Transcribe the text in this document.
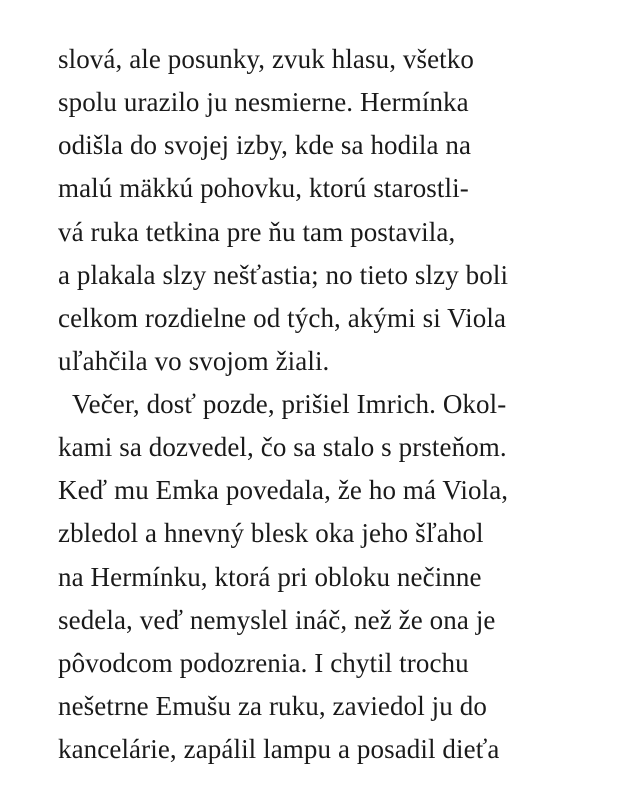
slová, ale posunky, zvuk hlasu, všetko
spolu urazilo ju nesmierne. Hermínka
odišla do svojej izby, kde sa hodila na
malú mäkkú pohovku, ktorú starostli-
vá ruka tetkina pre ňu tam postavila,
a plakala slzy nešťastia; no tieto slzy boli
celkom rozdielne od tých, akými si Viola
uľahčila vo svojom žiali.
Večer, dosť pozde, prišiel Imrich. Okol-
kami sa dozvedel, čo sa stalo s prsteňom.
Keď mu Emka povedala, že ho má Viola,
zbledol a hnevný blesk oka jeho šľahol
na Hermínku, ktorá pri obloku nečinne
sedela, veď nemyslel ináč, než že ona je
pôvodcom podozrenia. I chytil trochu
nešetrne Emušu za ruku, zaviedol ju do
kancelárie, zapálil lampu a posadil dieťa
